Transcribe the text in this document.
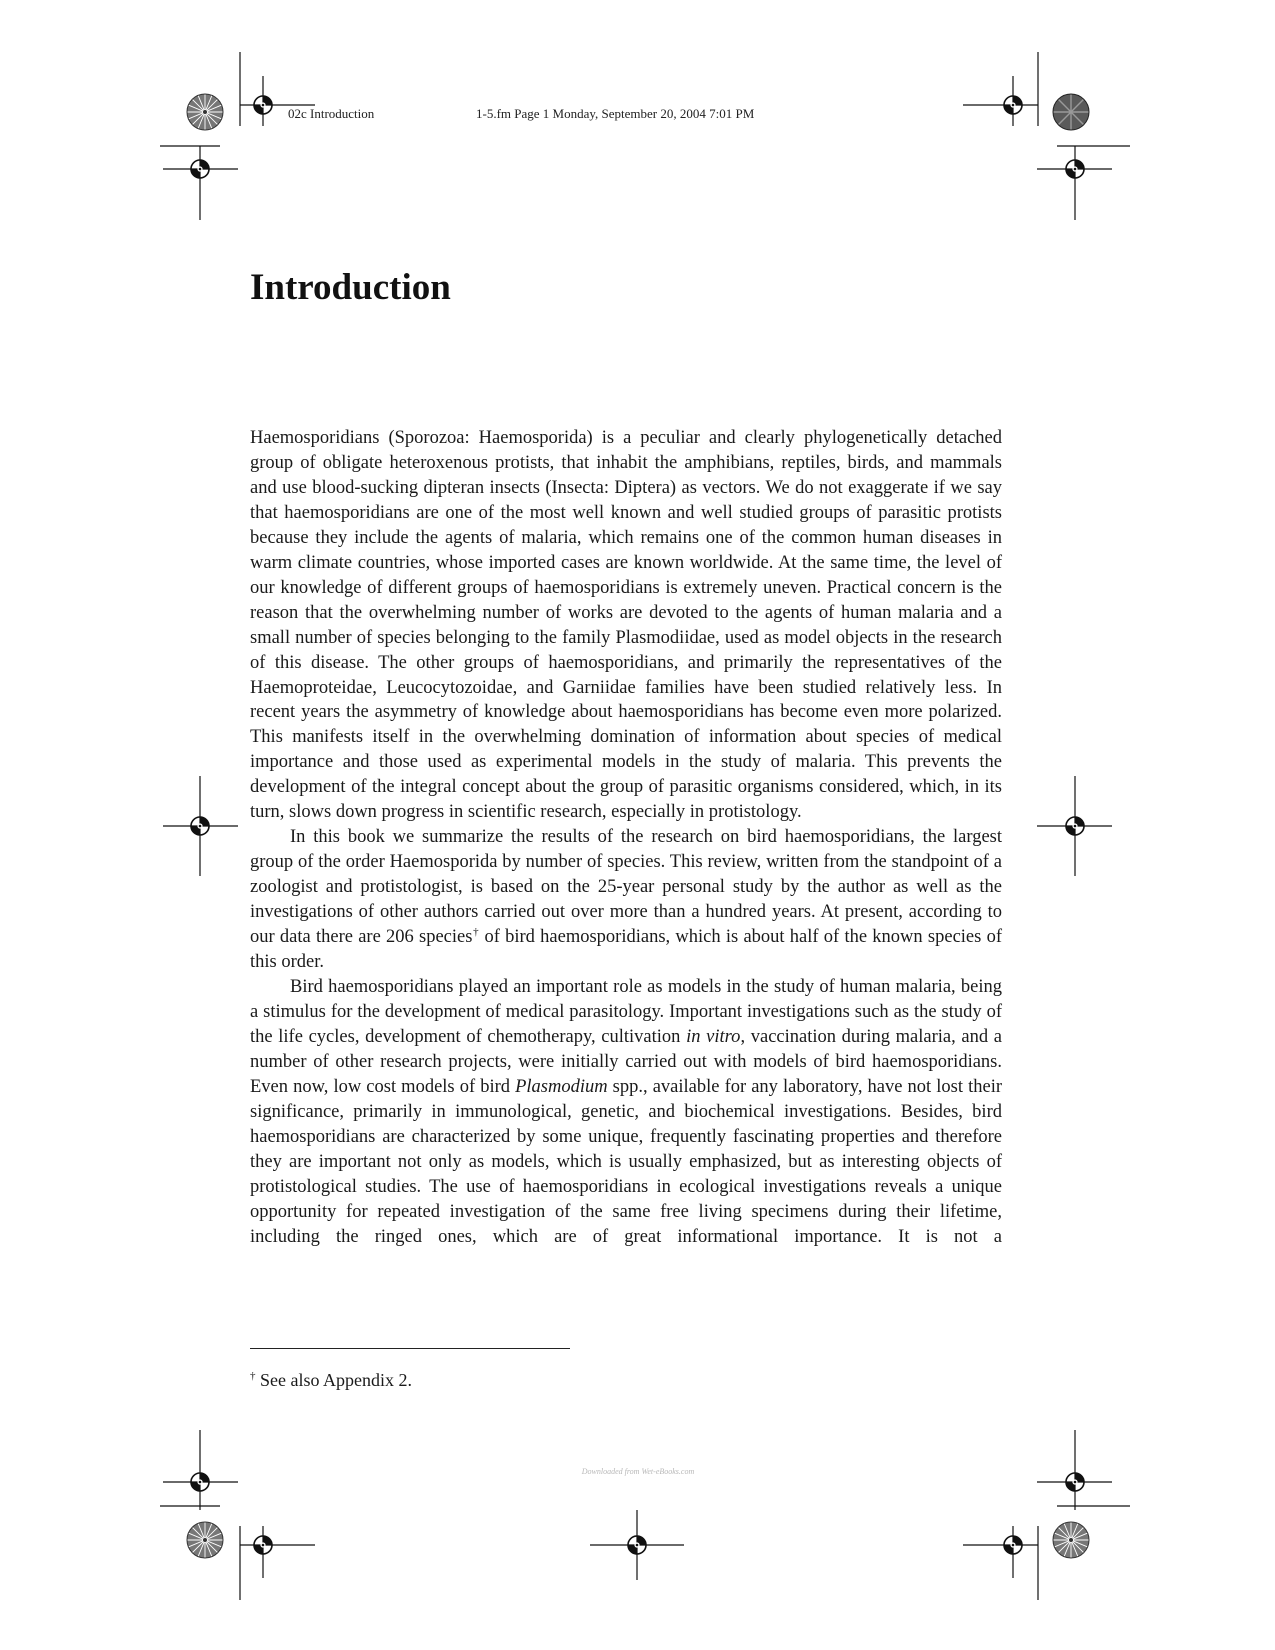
02c Introduction	1-5.fm Page 1 Monday, September 20, 2004 7:01 PM
Introduction

Haemosporidians (Sporozoa: Haemosporida) is a peculiar and clearly phylogenetically detached group of obligate heteroxenous protists, that inhabit the amphibians, reptiles, birds, and mammals and use blood-sucking dipteran insects (Insecta: Diptera) as vectors. We do not exaggerate if we say that haemosporidians are one of the most well known and well studied groups of parasitic protists because they include the agents of malaria, which remains one of the common human diseases in warm climate countries, whose imported cases are known worldwide. At the same time, the level of our knowledge of different groups of haemosporidians is extremely uneven. Practical concern is the reason that the overwhelming number of works are devoted to the agents of human malaria and a small number of species belonging to the family Plasmodiidae, used as model objects in the research of this disease. The other groups of haemosporidians, and primarily the representatives of the Haemoproteidae, Leucocytozoidae, and Garniidae families have been studied relatively less. In recent years the asymmetry of knowledge about haemosporidians has become even more polarized. This manifests itself in the overwhelming domination of information about species of medical importance and those used as experimental models in the study of malaria. This prevents the development of the integral concept about the group of parasitic organisms considered, which, in its turn, slows down progress in scientific research, especially in protistology.

In this book we summarize the results of the research on bird haemosporidians, the largest group of the order Haemosporida by number of species. This review, written from the standpoint of a zoologist and protistologist, is based on the 25-year personal study by the author as well as the investigations of other authors carried out over more than a hundred years. At present, according to our data there are 206 species† of bird haemosporidians, which is about half of the known species of this order.

Bird haemosporidians played an important role as models in the study of human malaria, being a stimulus for the development of medical parasitology. Important investigations such as the study of the life cycles, development of chemotherapy, cultivation in vitro, vaccination during malaria, and a number of other research projects, were initially carried out with models of bird haemosporidians. Even now, low cost models of bird Plasmodium spp., available for any laboratory, have not lost their significance, primarily in immunological, genetic, and biochemical investigations. Besides, bird haemosporidians are characterized by some unique, frequently fascinating properties and therefore they are important not only as models, which is usually emphasized, but as interesting objects of protistological studies. The use of haemosporidians in ecological investigations reveals a unique opportunity for repeated investigation of the same free living specimens during their lifetime, including the ringed ones, which are of great informational importance. It is not a

† See also Appendix 2.
Downloaded from Wet-eBooks.com
